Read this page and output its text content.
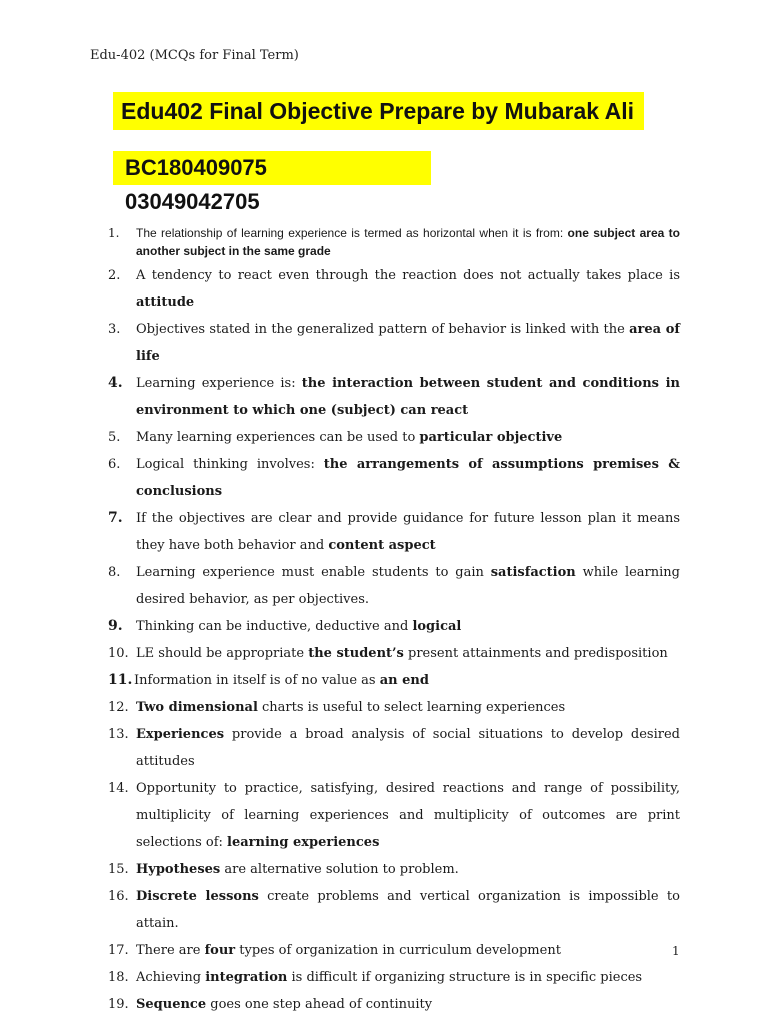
Edu-402 (MCQs for Final Term)
Edu402 Final Objective Prepare by Mubarak Ali
BC180409075 03049042705
1.	The relationship of learning experience is termed as horizontal when it is from: one subject area to another subject in the same grade
2.	A tendency to react even through the reaction does not actually takes place is attitude
3.	Objectives stated in the generalized pattern of behavior is linked with the area of life
4.	Learning experience is: the interaction between student and conditions in environment to which one (subject) can react
5.	Many learning experiences can be used to particular objective
6.	Logical thinking involves: the arrangements of assumptions premises & conclusions
7.	If the objectives are clear and provide guidance for future lesson plan it means they have both behavior and content aspect
8.	Learning experience must enable students to gain satisfaction while learning desired behavior, as per objectives.
9.	Thinking can be inductive, deductive and logical
10. LE should be appropriate the student’s present attainments and predisposition
11. Information in itself is of no value as an end
12. Two dimensional charts is useful to select learning experiences
13. Experiences provide a broad analysis of social situations to develop desired attitudes
14. Opportunity to practice, satisfying, desired reactions and range of possibility, multiplicity of learning experiences and multiplicity of outcomes are print selections of: learning experiences
15. Hypotheses are alternative solution to problem.
16. Discrete lessons create problems and vertical organization is impossible to attain.
17. There are four types of organization in curriculum development
18. Achieving integration is difficult if organizing structure is in specific pieces
19. Sequence goes one step ahead of continuity
1
